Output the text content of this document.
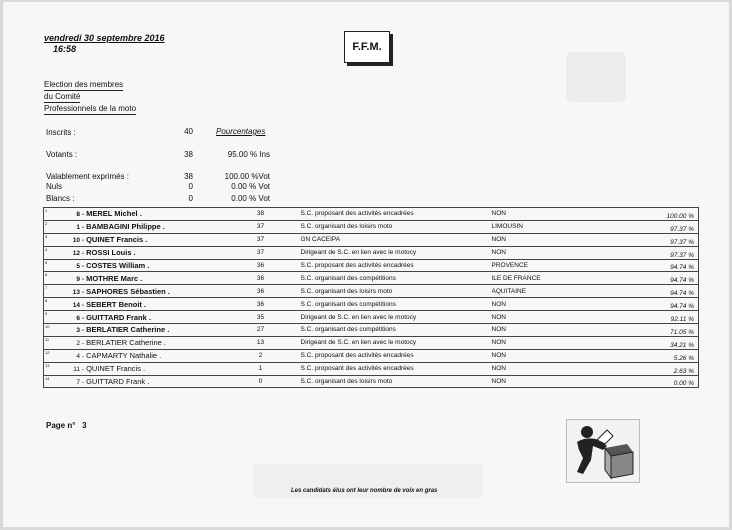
vendredi 30 septembre 2016
16:58	F.F.M.
Election des membres
du Comité
Professionnels de la moto
Inscrits :	40	Pourcentages
Votants :	38	95.00 % Ins
Valablement exprimés :	38	100.00 %Vot
Nuls	0	0.00 % Vot
Blancs :	0	0.00 % Vot
1
8 - MEREL Michel .	38	S.C. proposant des activités encadrées	NON	100.00 %

2
1 - BAMBAGINI Philippe .	37	S.C. organisant des loisirs moto	LIMOUSIN	97.37 %

3
10 - QUINET Francis .	37	GN CACEIPA	NON	97.37 %

4
12 - ROSSI Louis .	37	Dirigeant de S.C. en lien avec le motocy	NON	97.37 %

5
5 - COSTES William .	36	S.C. proposant des activités encadrées	PROVENCE	94.74 %

6
9 - MOTHRE Marc .	36	S.C. organisant des compétitions	ILE DE FRANCE	94.74 %

7
13 - SAPHORES Sébastien .	36	S.C. organisant des loisirs moto	AQUITAINE	94.74 %

8
14 - SEBERT Benoit .	36	S.C. organisant des compétitions	NON	94.74 %

9
6 - GUITTARD Frank .	35	Dirigeant de S.C. en lien avec le motocy	NON	92.11 %

10
3 - BERLATIER Catherine .	27	S.C. organisant des compétitions	NON	71.05 %

11
2 - BERLATIER Catherine .	13	Dirigeant de S.C. en lien avec le motocy	NON	34.21 %

12
4 - CAPMARTY Nathalie .	2	S.C. proposant des activités encadrées	NON	5.26 %

13
11 - QUINET Francis .	1	S.C. proposant des activités encadrées	NON	2.63 %

14
7 - GUITTARD Frank .	0	S.C. organisant des loisirs moto	NON	0.00 %
Page n° 3
Les candidats élus ont leur nombre de voix en gras
